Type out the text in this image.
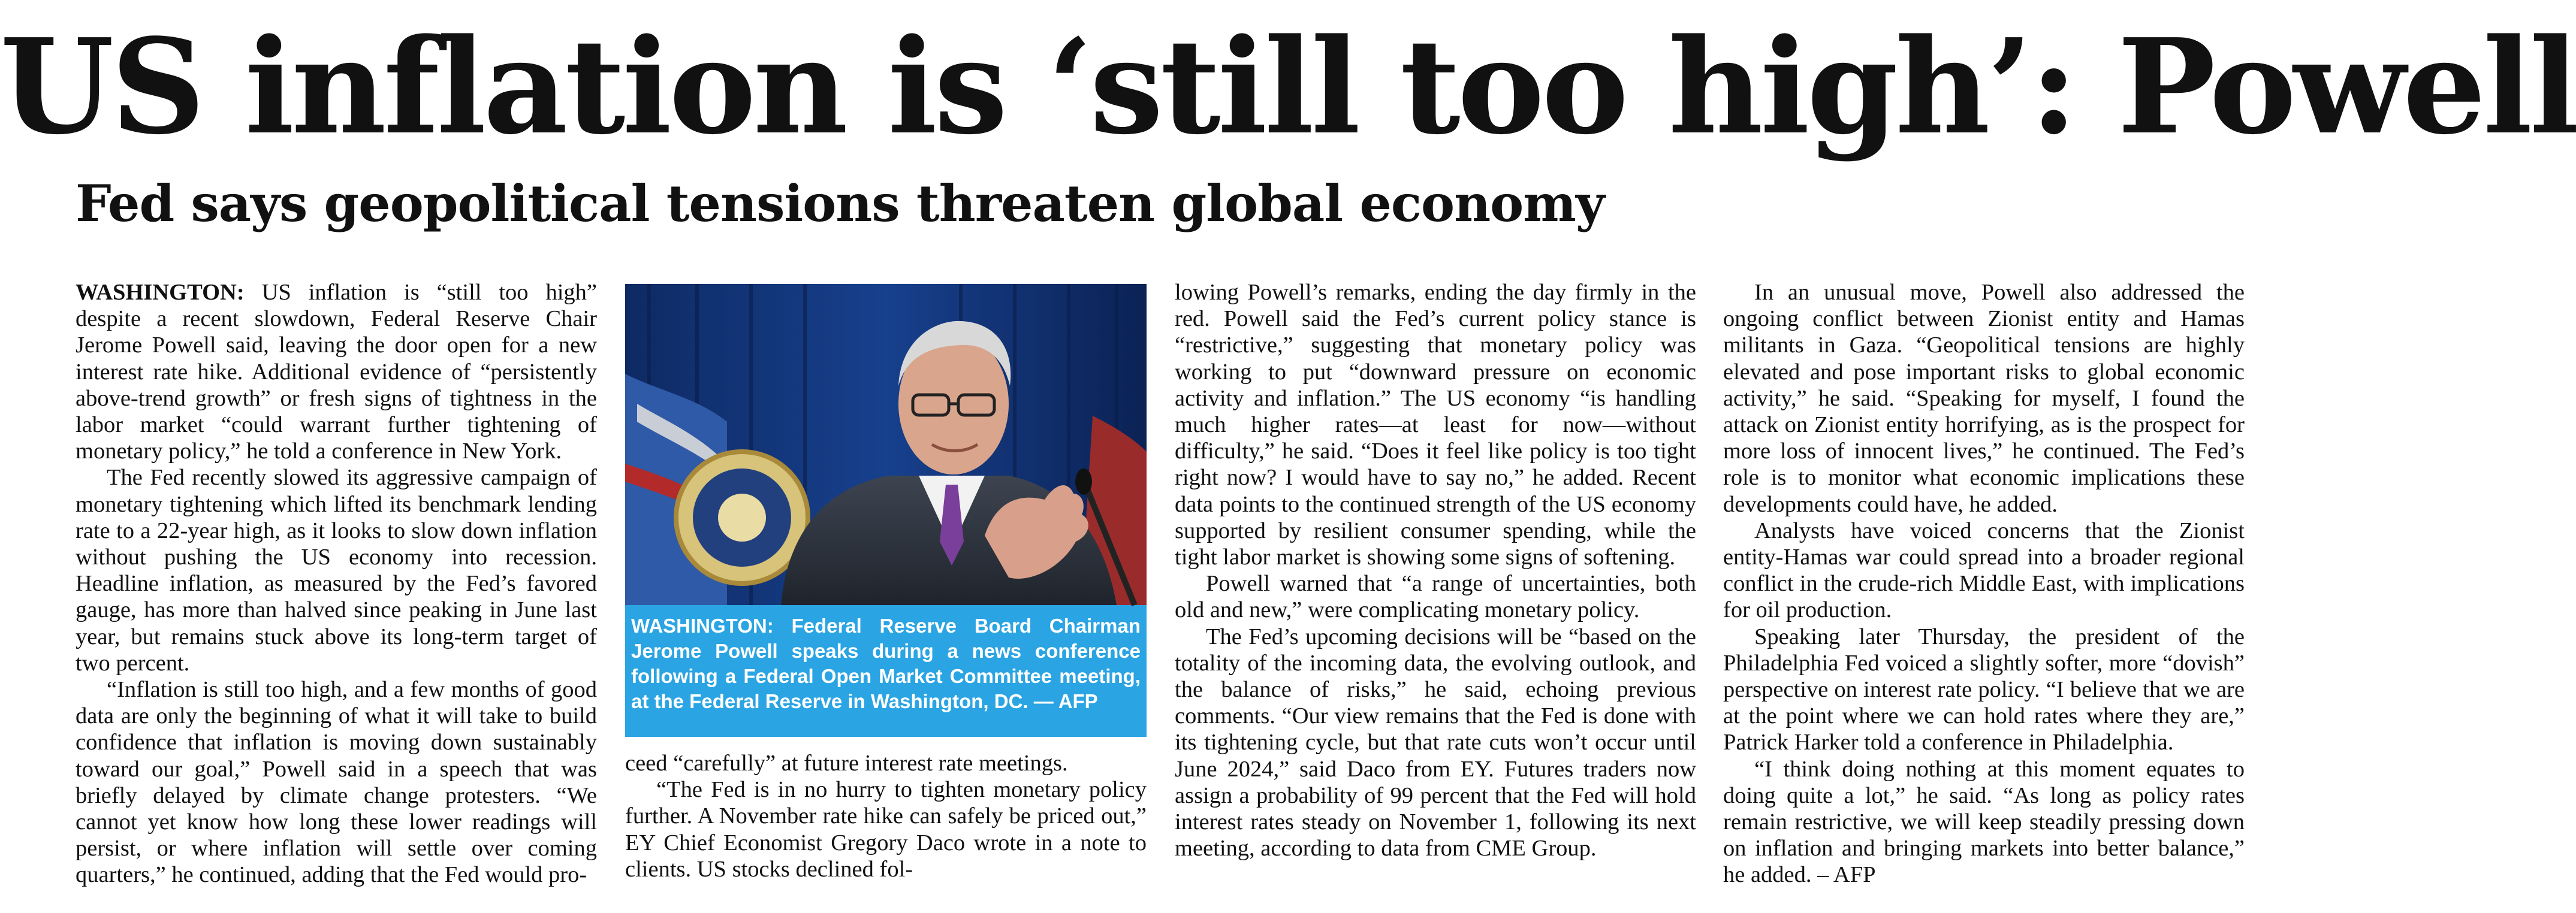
US inflation is ‘still too high’: Powell
Fed says geopolitical tensions threaten global economy

WASHINGTON: US inflation is “still too high” despite a recent slowdown, Federal Reserve Chair Jerome Powell said, leaving the door open for a new interest rate hike. Additional evidence of “persistently above-trend growth” or fresh signs of tightness in the labor market “could warrant further tightening of monetary policy,” he told a conference in New York.

The Fed recently slowed its aggressive campaign of monetary tightening which lifted its benchmark lending rate to a 22-year high, as it looks to slow down inflation without pushing the US economy into recession. Headline inflation, as measured by the Fed’s favored gauge, has more than halved since peaking in June last year, but remains stuck above its long-term target of two percent.

“Inflation is still too high, and a few months of good data are only the beginning of what it will take to build confidence that inflation is moving down sustainably toward our goal,” Powell said in a speech that was briefly delayed by climate change protesters. “We cannot yet know how long these lower readings will persist, or where inflation will settle over coming quarters,” he continued, adding that the Fed would pro-

WASHINGTON: Federal Reserve Board Chairman Jerome Powell speaks during a news conference following a Federal Open Market Committee meeting, at the Federal Reserve in Washington, DC. — AFP

ceed “carefully” at future interest rate meetings.

“The Fed is in no hurry to tighten monetary policy further. A November rate hike can safely be priced out,” EY Chief Economist Gregory Daco wrote in a note to clients. US stocks declined fol-

lowing Powell’s remarks, ending the day firmly in the red. Powell said the Fed’s current policy stance is “restrictive,” suggesting that monetary policy was working to put “downward pressure on economic activity and inflation.” The US economy “is handling much higher rates—at least for now—without difficulty,” he said. “Does it feel like policy is too tight right now? I would have to say no,” he added. Recent data points to the continued strength of the US economy supported by resilient consumer spending, while the tight labor market is showing some signs of softening.

Powell warned that “a range of uncertainties, both old and new,” were complicating monetary policy.

The Fed’s upcoming decisions will be “based on the totality of the incoming data, the evolving outlook, and the balance of risks,” he said, echoing previous comments. “Our view remains that the Fed is done with its tightening cycle, but that rate cuts won’t occur until June 2024,” said Daco from EY. Futures traders now assign a probability of 99 percent that the Fed will hold interest rates steady on November 1, following its next meeting, according to data from CME Group.

In an unusual move, Powell also addressed the ongoing conflict between Zionist entity and Hamas militants in Gaza. “Geopolitical tensions are highly elevated and pose important risks to global economic activity,” he said. “Speaking for myself, I found the attack on Zionist entity horrifying, as is the prospect for more loss of innocent lives,” he continued. The Fed’s role is to monitor what economic implications these developments could have, he added.

Analysts have voiced concerns that the Zionist entity-Hamas war could spread into a broader regional conflict in the crude-rich Middle East, with implications for oil production.

Speaking later Thursday, the president of the Philadelphia Fed voiced a slightly softer, more “dovish” perspective on interest rate policy. “I believe that we are at the point where we can hold rates where they are,” Patrick Harker told a conference in Philadelphia.

“I think doing nothing at this moment equates to doing quite a lot,” he said. “As long as policy rates remain restrictive, we will keep steadily pressing down on inflation and bringing markets into better balance,” he added. – AFP
